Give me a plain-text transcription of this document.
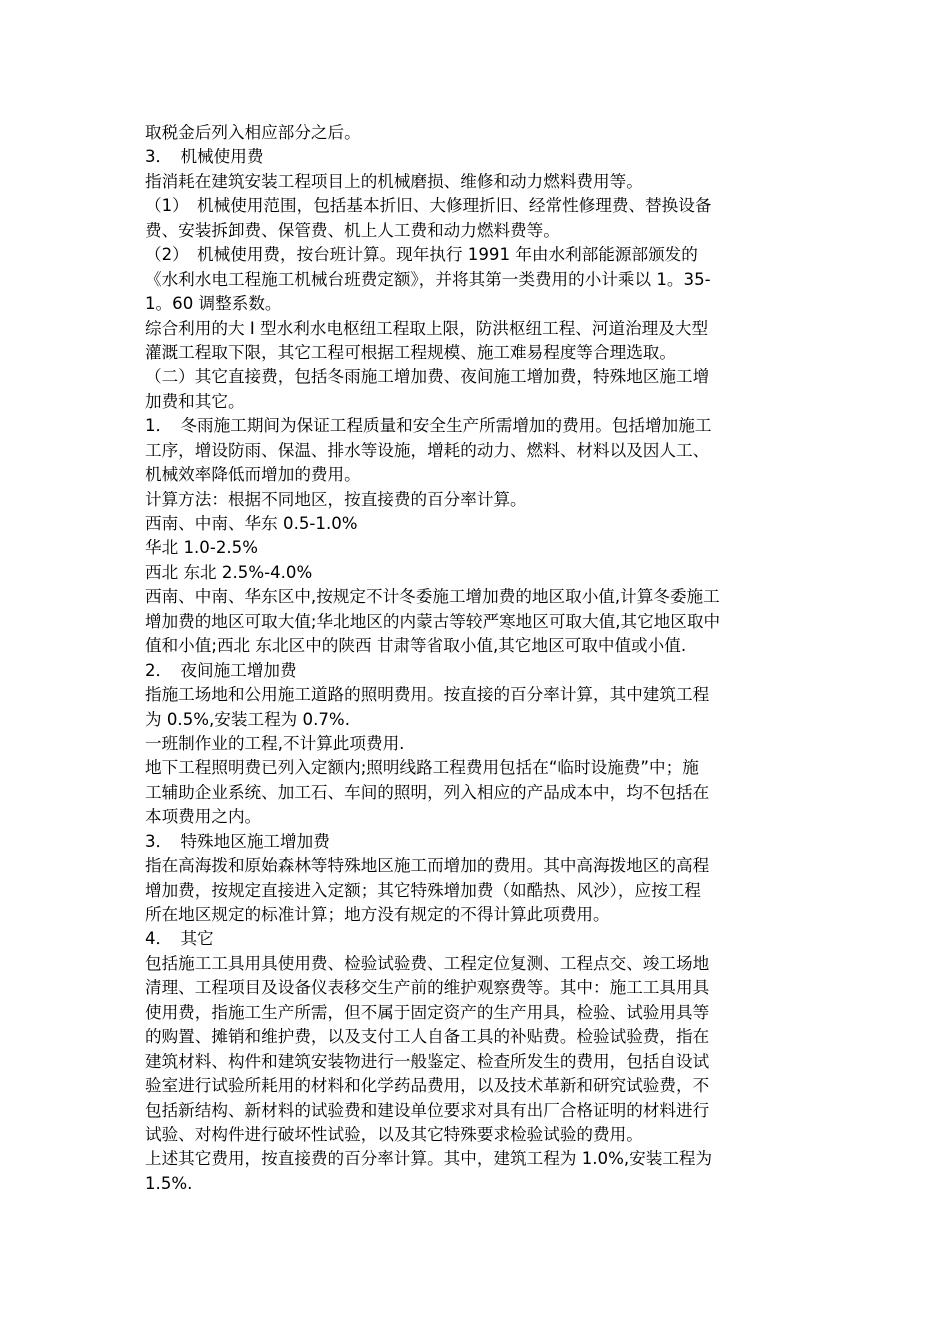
取税金后列入相应部分之后。
3．　机械使用费
指消耗在建筑安装工程项目上的机械磨损、维修和动力燃料费用等。
（1）　机械使用范围，包括基本折旧、大修理折旧、经常性修理费、替换设备
费、安装拆卸费、保管费、机上人工费和动力燃料费等。
（2）　机械使用费，按台班计算。现年执行 1991 年由水利部能源部颁发的
《水利水电工程施工机械台班费定额》，并将其第一类费用的小计乘以 1。35-
1。60 调整系数。
综合利用的大 I 型水利水电枢纽工程取上限，防洪枢纽工程、河道治理及大型
灌溉工程取下限，其它工程可根据工程规模、施工难易程度等合理选取。
（二）其它直接费，包括冬雨施工增加费、夜间施工增加费，特殊地区施工增
加费和其它。
1．　冬雨施工期间为保证工程质量和安全生产所需增加的费用。包括增加施工
工序，增设防雨、保温、排水等设施，增耗的动力、燃料、材料以及因人工、
机械效率降低而增加的费用。
计算方法：根据不同地区，按直接费的百分率计算。
西南、中南、华东 0.5-1.0%
华北 1.0-2.5%
西北 东北 2.5%-4.0%
西南、中南、华东区中,按规定不计冬委施工增加费的地区取小值,计算冬委施工
增加费的地区可取大值;华北地区的内蒙古等较严寒地区可取大值,其它地区取中
值和小值;西北 东北区中的陕西 甘肃等省取小值,其它地区可取中值或小值.
2．　夜间施工增加费
指施工场地和公用施工道路的照明费用。按直接的百分率计算，其中建筑工程
为 0.5%,安装工程为 0.7%.
一班制作业的工程,不计算此项费用.
地下工程照明费已列入定额内;照明线路工程费用包括在“临时设施费”中；施
工辅助企业系统、加工石、车间的照明，列入相应的产品成本中，均不包括在
本项费用之内。
3．　特殊地区施工增加费
指在高海拨和原始森林等特殊地区施工而增加的费用。其中高海拨地区的高程
增加费，按规定直接进入定额；其它特殊增加费（如酷热、风沙），应按工程
所在地区规定的标准计算；地方没有规定的不得计算此项费用。
4．　其它
包括施工工具用具使用费、检验试验费、工程定位复测、工程点交、竣工场地
清理、工程项目及设备仪表移交生产前的维护观察费等。其中：施工工具用具
使用费，指施工生产所需，但不属于固定资产的生产用具，检验、试验用具等
的购置、摊销和维护费，以及支付工人自备工具的补贴费。检验试验费，指在
建筑材料、构件和建筑安装物进行一般鉴定、检查所发生的费用，包括自设试
验室进行试验所耗用的材料和化学药品费用，以及技术革新和研究试验费，不
包括新结构、新材料的试验费和建设单位要求对具有出厂合格证明的材料进行
试验、对构件进行破坏性试验，以及其它特殊要求检验试验的费用。
上述其它费用，按直接费的百分率计算。其中，建筑工程为 1.0%,安装工程为
1.5%.
